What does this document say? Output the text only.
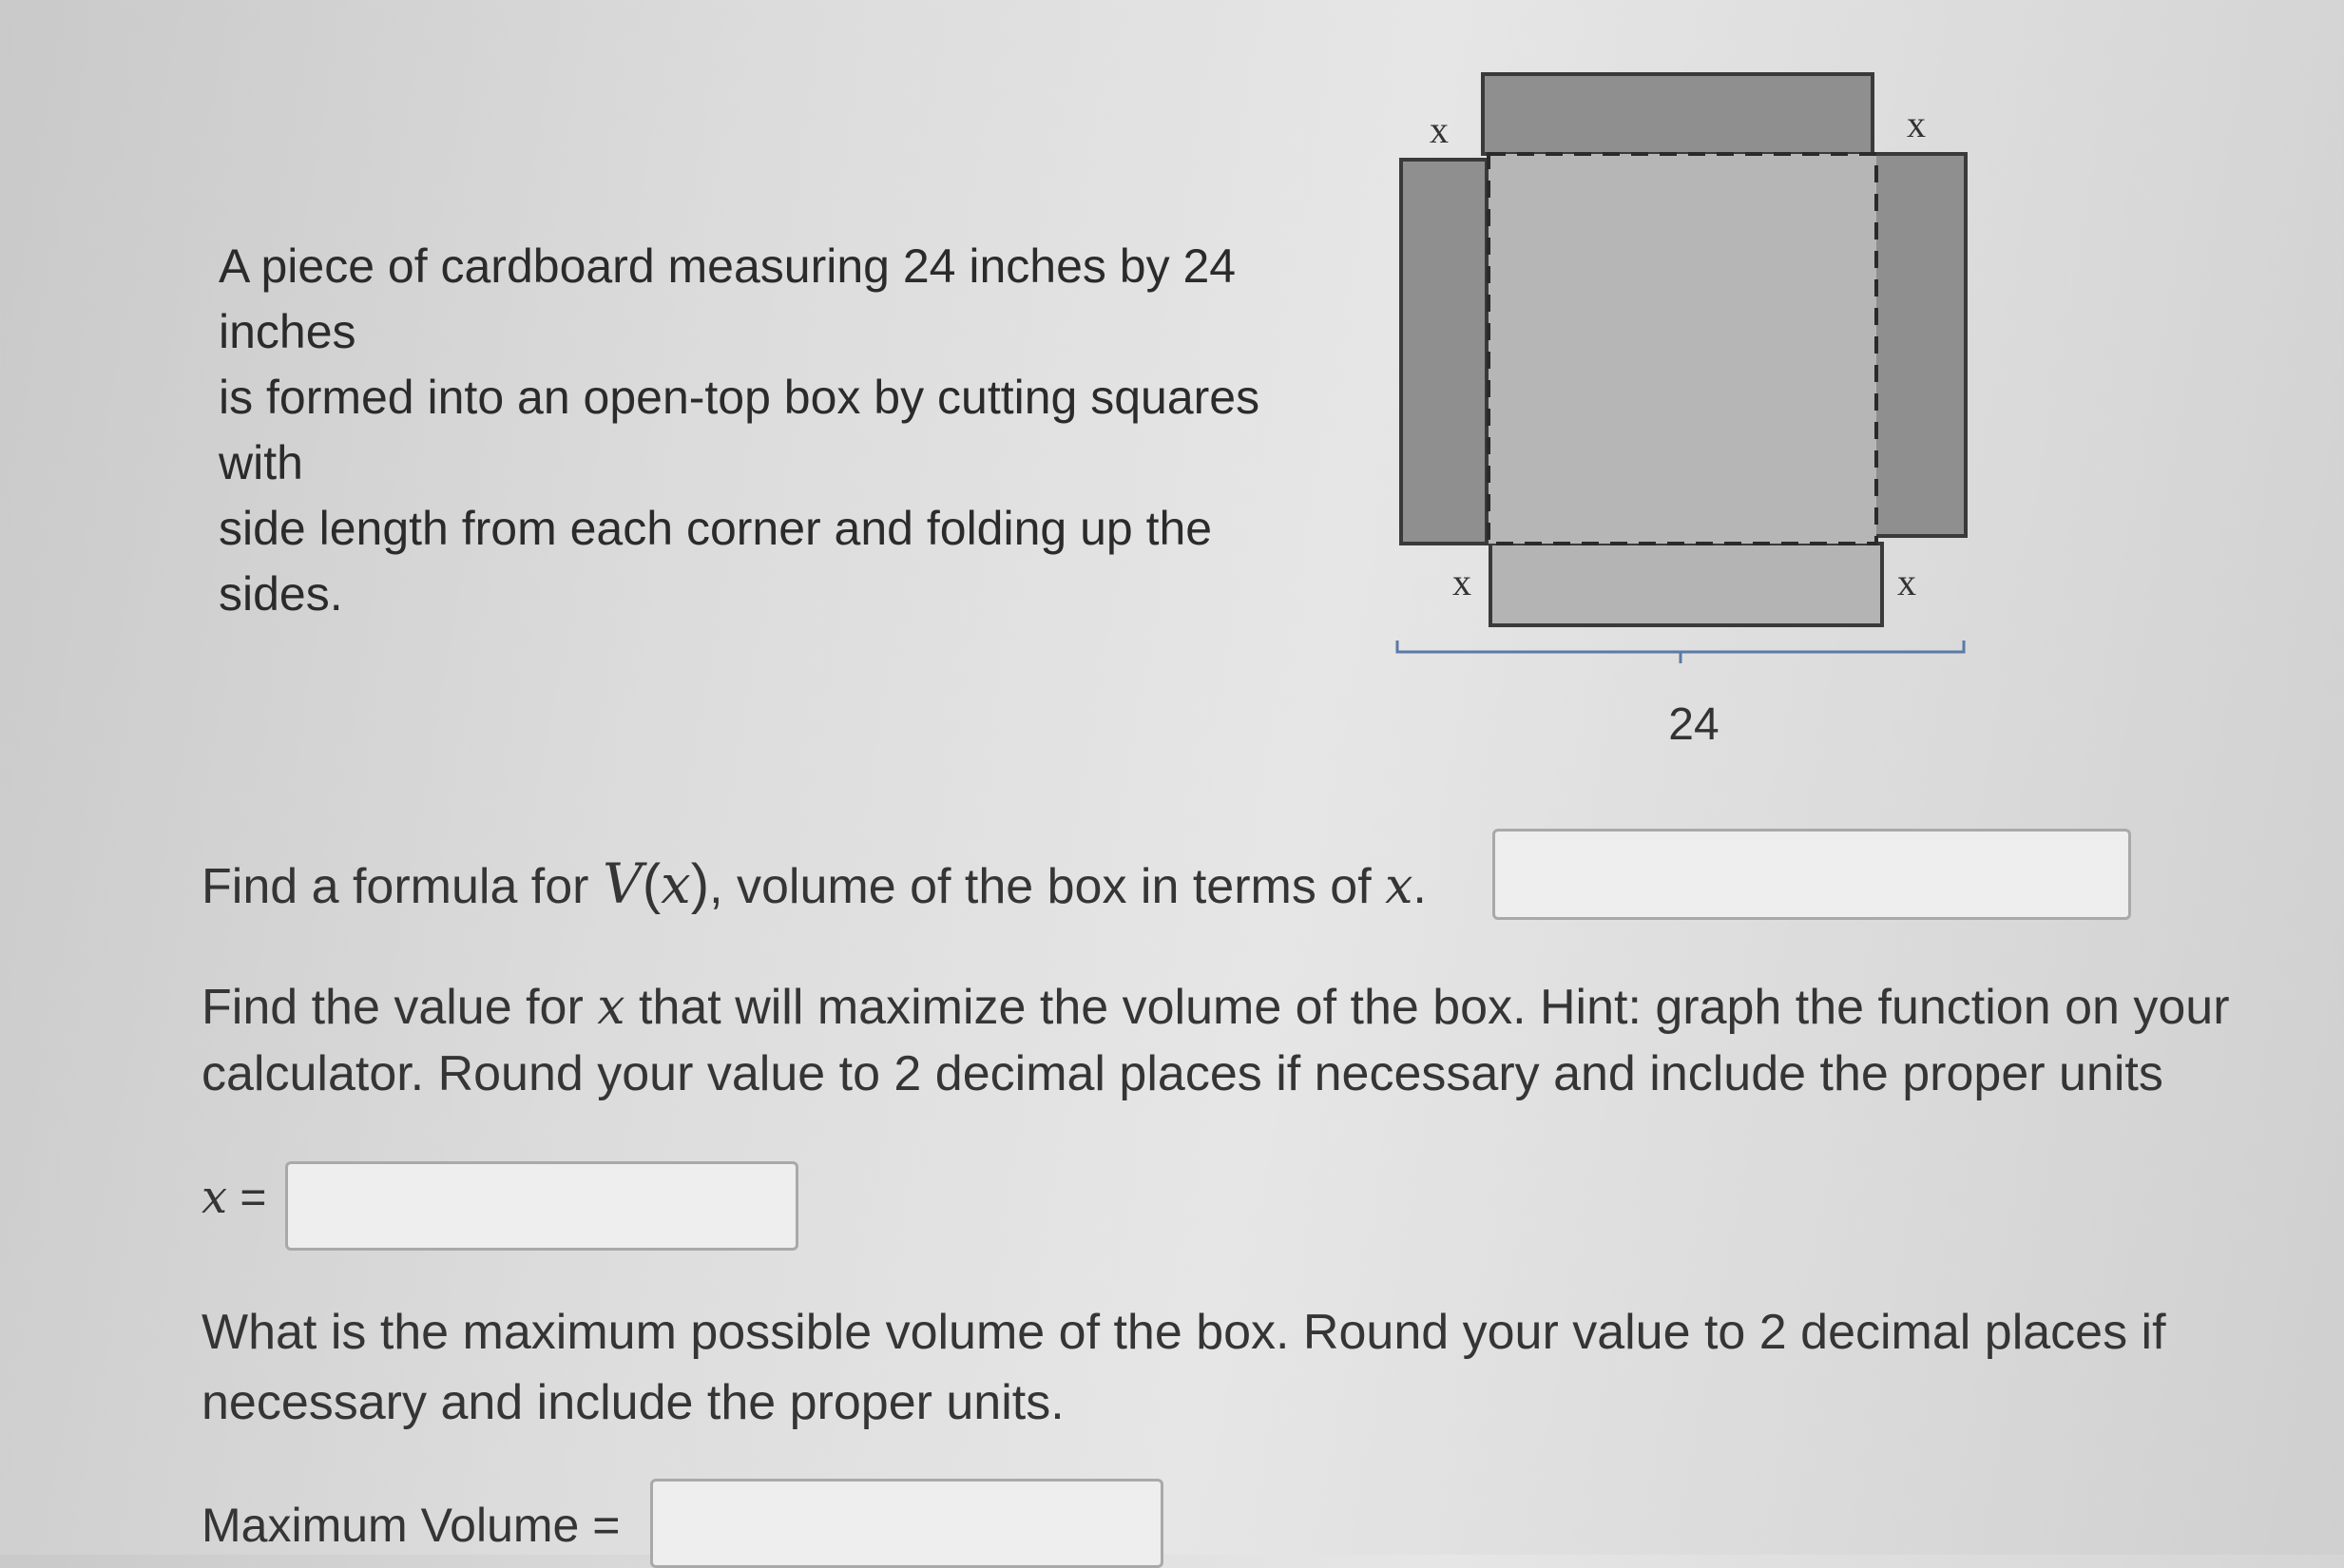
A piece of cardboard measuring 24 inches by 24
inches
is formed into an open-top box by cutting squares
with
side length from each corner and folding up the
sides.
x	x
x	x
24
Find a formula for V(x), volume of the box in terms of x.
Find the value for x that will maximize the volume of the box. Hint: graph the function on your
calculator. Round your value to 2 decimal places if necessary and include the proper units
x =
What is the maximum possible volume of the box. Round your value to 2 decimal places if
necessary and include the proper units.
Maximum Volume =
